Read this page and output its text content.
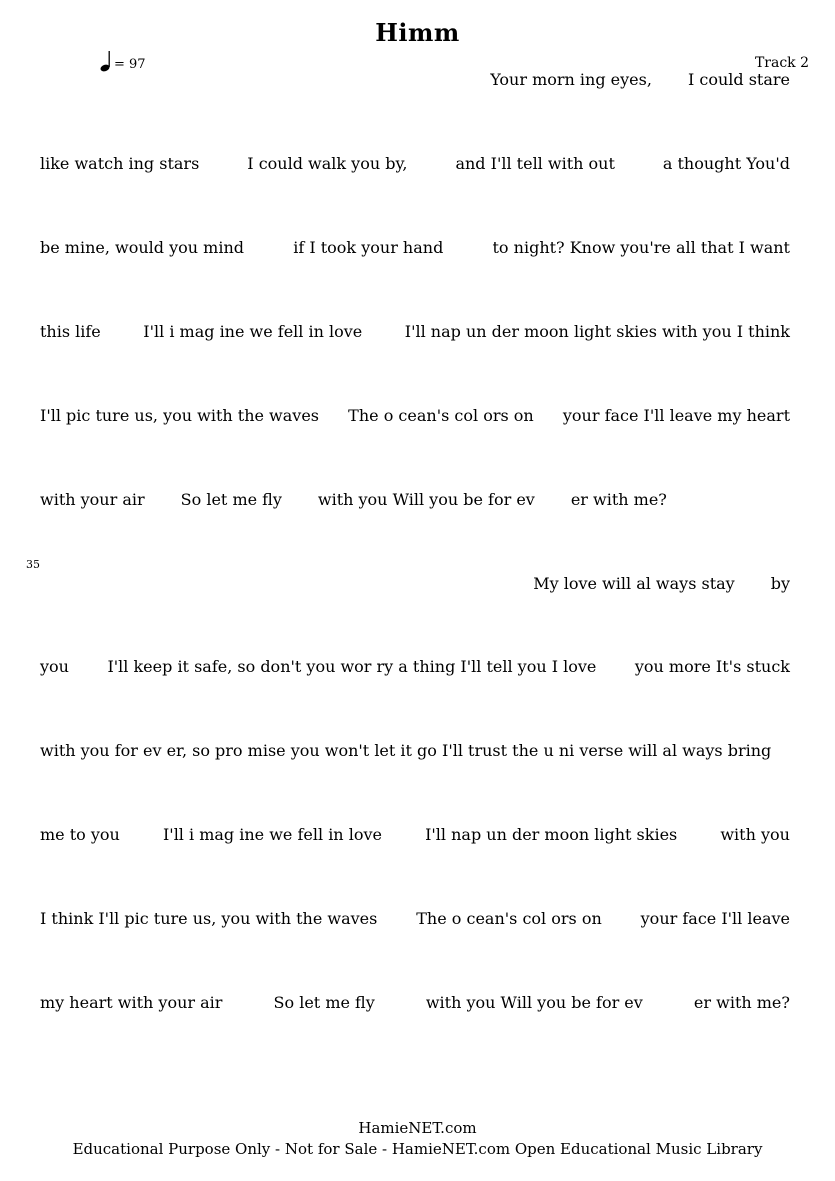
Himm
= 97	Track 2
35
Your morn ing eyes, I could stare
like watch ing stars	I could walk you by,	and I'll tell with out	a thought You'd
be mine, would you mind	if I took your hand	to night? Know you're all that I want
this life	I'll i mag ine we fell in love	I'll nap un der moon light skies with you I think
I'll pic ture us, you with the waves The o cean's col ors on your face I'll leave my heart
with your air So let me fly with you Will you be for ev er with me?
My love will al ways stay by
you I'll keep it safe, so don't you wor ry a thing I'll tell you I love you more It's stuck
with you for ev er, so pro mise you won't let it go I'll trust the u ni verse will al ways bring
me to you	I'll i mag ine we fell in love	I'll nap un der moon light skies	with you
I think I'll pic ture us, you with the waves The o cean's col ors on your face I'll leave
my heart with your air	So let me fly	with you Will you be for ev	er with me?
HamieNET.com
Educational Purpose Only - Not for Sale - HamieNET.com Open Educational Music Library
